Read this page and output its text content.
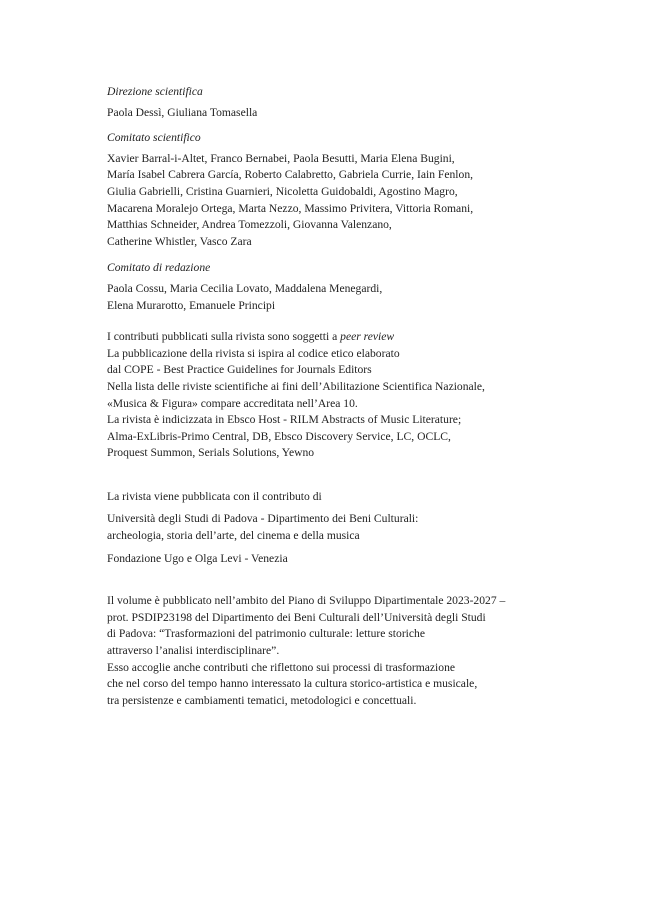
Direzione scientifica

Paola Dessì, Giuliana Tomasella

Comitato scientifico

Xavier Barral-i-Altet, Franco Bernabei, Paola Besutti, Maria Elena Bugini,

María Isabel Cabrera García, Roberto Calabretto, Gabriela Currie, Iain Fenlon,

Giulia Gabrielli, Cristina Guarnieri, Nicoletta Guidobaldi, Agostino Magro,

Macarena Moralejo Ortega, Marta Nezzo, Massimo Privitera, Vittoria Romani,

Matthias Schneider, Andrea Tomezzoli, Giovanna Valenzano,

Catherine Whistler, Vasco Zara

Comitato di redazione

Paola Cossu, Maria Cecilia Lovato, Maddalena Menegardi,

Elena Murarotto, Emanuele Principi

I contributi pubblicati sulla rivista sono soggetti a peer review

La pubblicazione della rivista si ispira al codice etico elaborato

dal COPE - Best Practice Guidelines for Journals Editors

Nella lista delle riviste scientifiche ai fini dell’Abilitazione Scientifica Nazionale,

«Musica & Figura» compare accreditata nell’Area 10.

La rivista è indicizzata in Ebsco Host - RILM Abstracts of Music Literature;

Alma-ExLibris-Primo Central, DB, Ebsco Discovery Service, LC, OCLC,

Proquest Summon, Serials Solutions, Yewno

La rivista viene pubblicata con il contributo di

Università degli Studi di Padova - Dipartimento dei Beni Culturali:

archeologia, storia dell’arte, del cinema e della musica

Fondazione Ugo e Olga Levi - Venezia

Il volume è pubblicato nell’ambito del Piano di Sviluppo Dipartimentale 2023-2027 –

prot. PSDIP23198 del Dipartimento dei Beni Culturali dell’Università degli Studi

di Padova: “Trasformazioni del patrimonio culturale: letture storiche

attraverso l’analisi interdisciplinare”.

Esso accoglie anche contributi che riflettono sui processi di trasformazione

che nel corso del tempo hanno interessato la cultura storico-artistica e musicale,

tra persistenze e cambiamenti tematici, metodologici e concettuali.
